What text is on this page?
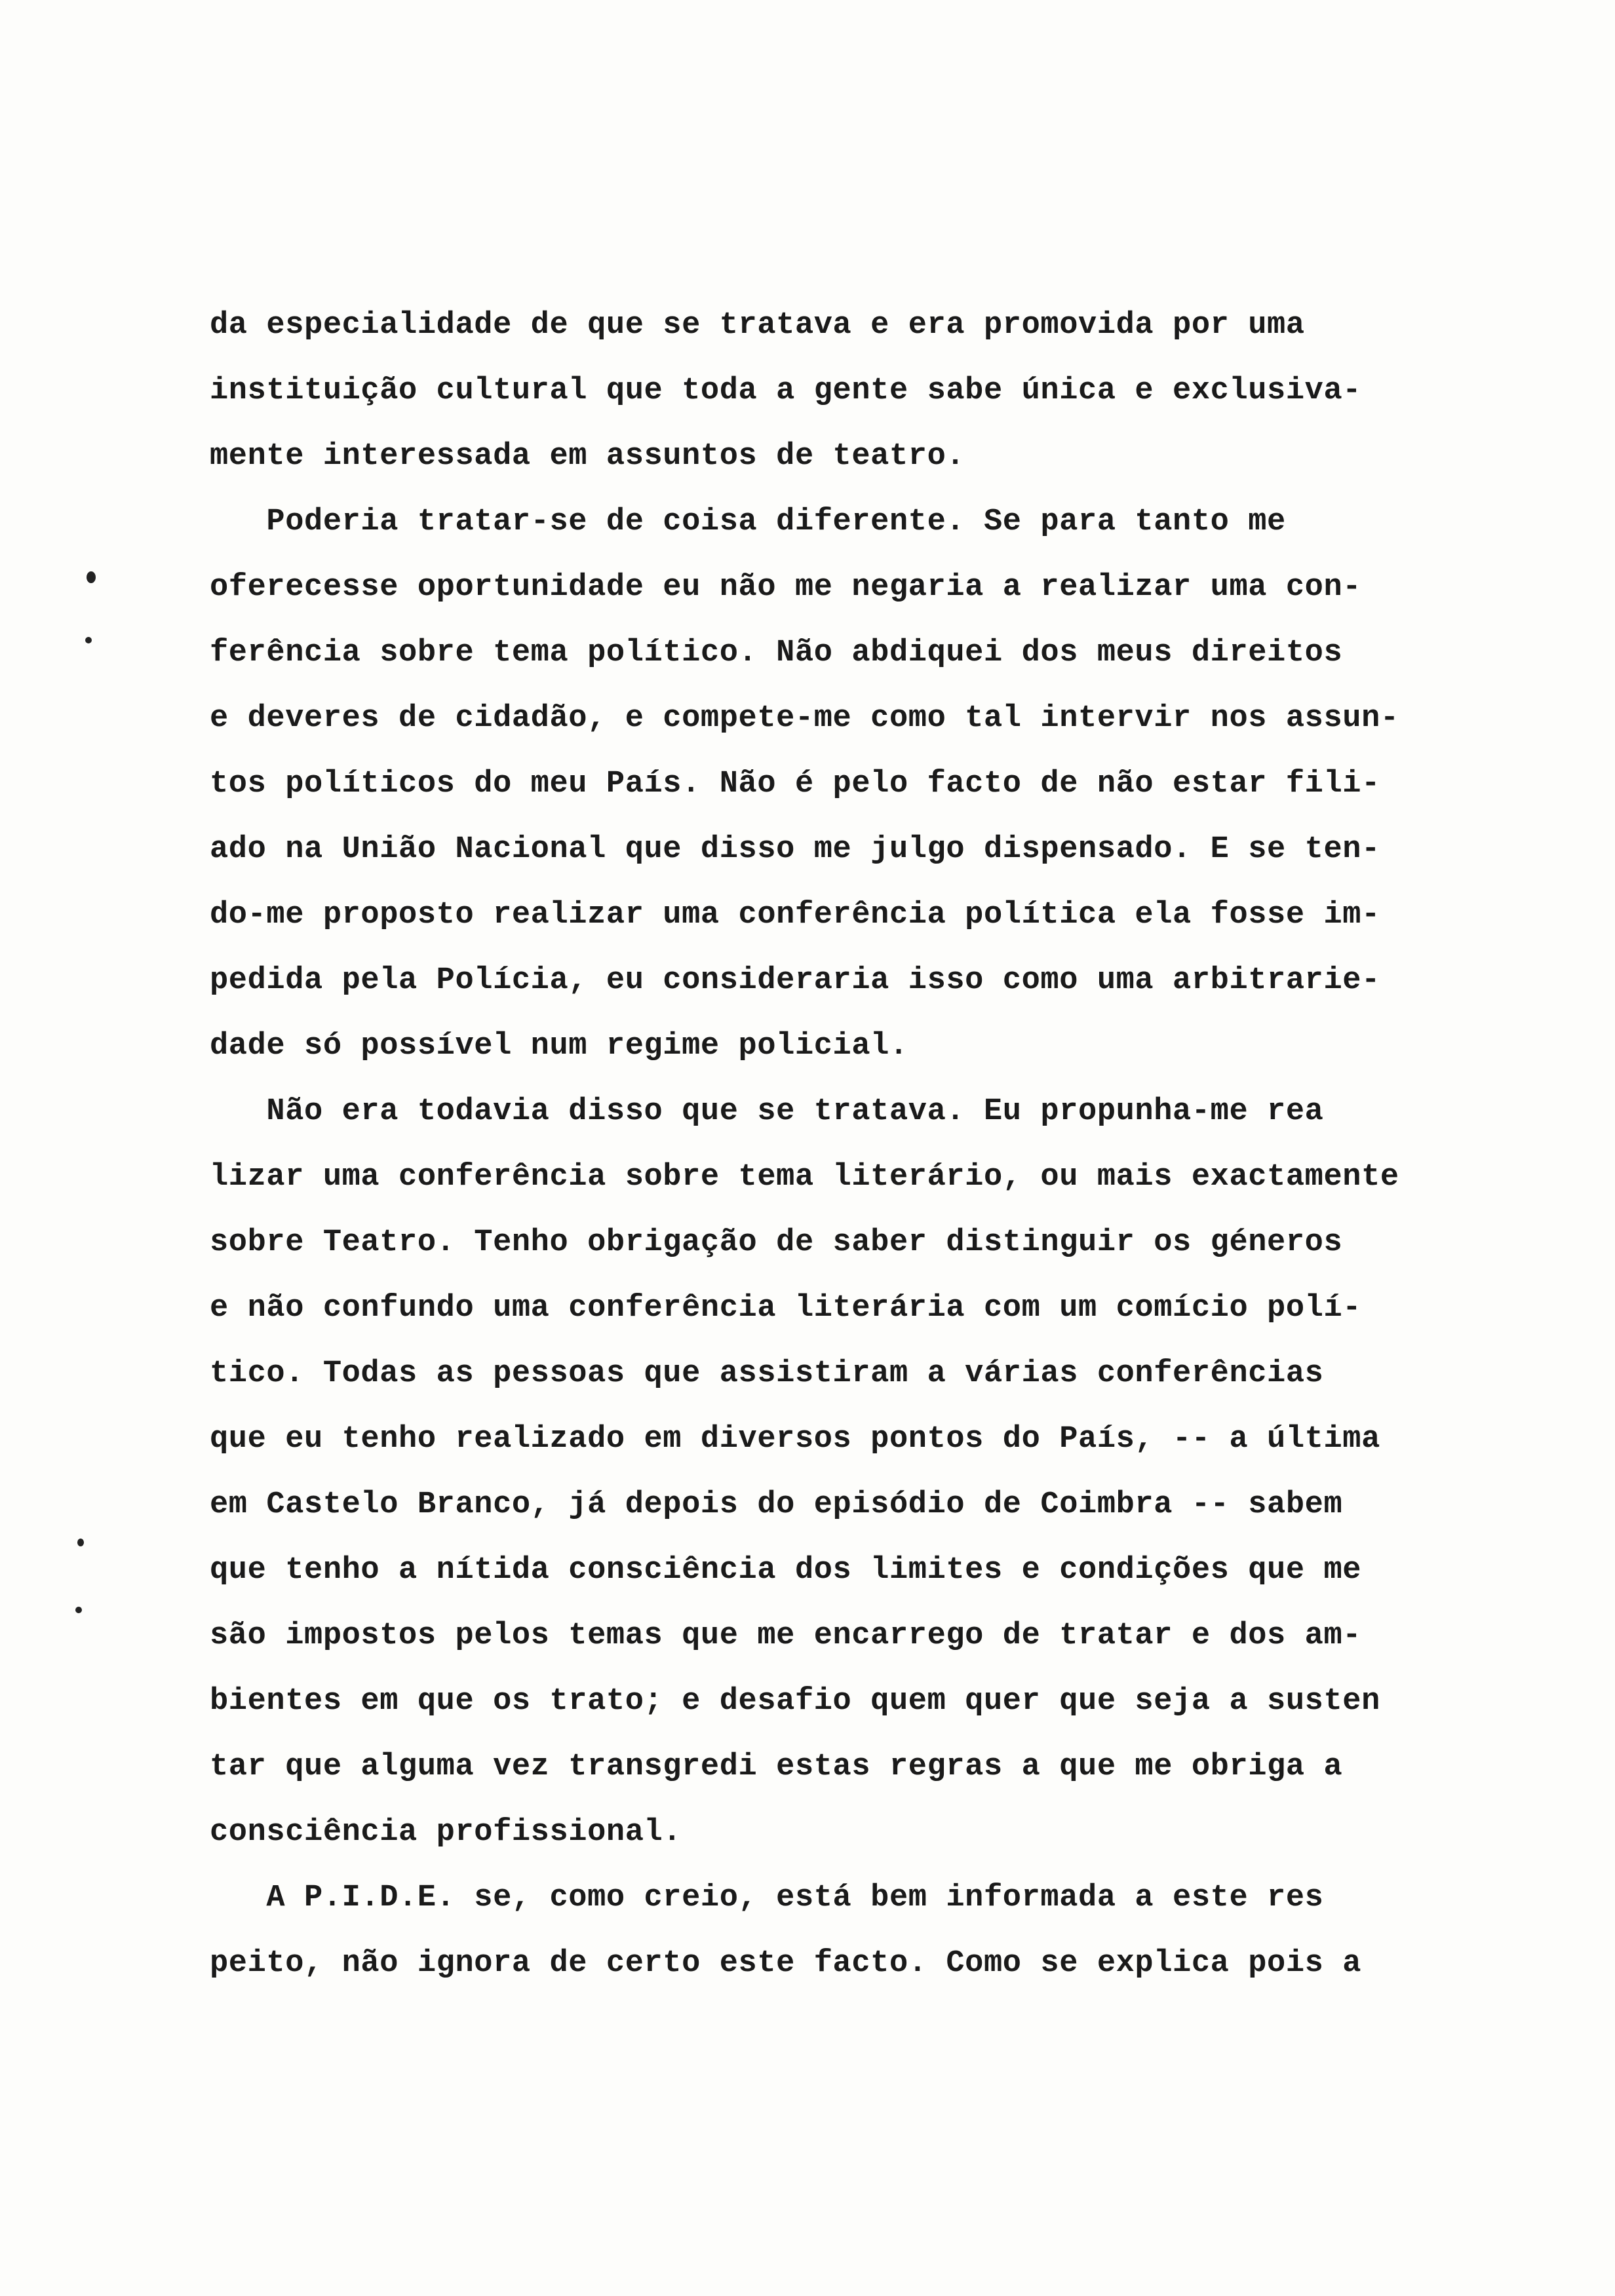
da especialidade de que se tratava e era promovida por uma

instituição cultural que toda a gente sabe única e exclusiva-

mente interessada em assuntos de teatro.

Poderia tratar-se de coisa diferente. Se para tanto me

oferecesse oportunidade eu não me negaria a realizar uma con-

ferência sobre tema político. Não abdiquei dos meus direitos

e deveres de cidadão, e compete-me como tal intervir nos assun-

tos políticos do meu País. Não é pelo facto de não estar fili-

ado na União Nacional que disso me julgo dispensado. E se ten-

do-me proposto realizar uma conferência política ela fosse im-

pedida pela Polícia, eu consideraria isso como uma arbitrarie-

dade só possível num regime policial.

Não era todavia disso que se tratava. Eu propunha-me rea

lizar uma conferência sobre tema literário, ou mais exactamente

sobre Teatro. Tenho obrigação de saber distinguir os géneros

e não confundo uma conferência literária com um comício polí-

tico. Todas as pessoas que assistiram a várias conferências

que eu tenho realizado em diversos pontos do País, -- a última

em Castelo Branco, já depois do episódio de Coimbra -- sabem

que tenho a nítida consciência dos limites e condições que me

são impostos pelos temas que me encarrego de tratar e dos am-

bientes em que os trato; e desafio quem quer que seja a susten

tar que alguma vez transgredi estas regras a que me obriga a

consciência profissional.

A P.I.D.E. se, como creio, está bem informada a este res

peito, não ignora de certo este facto. Como se explica pois a
